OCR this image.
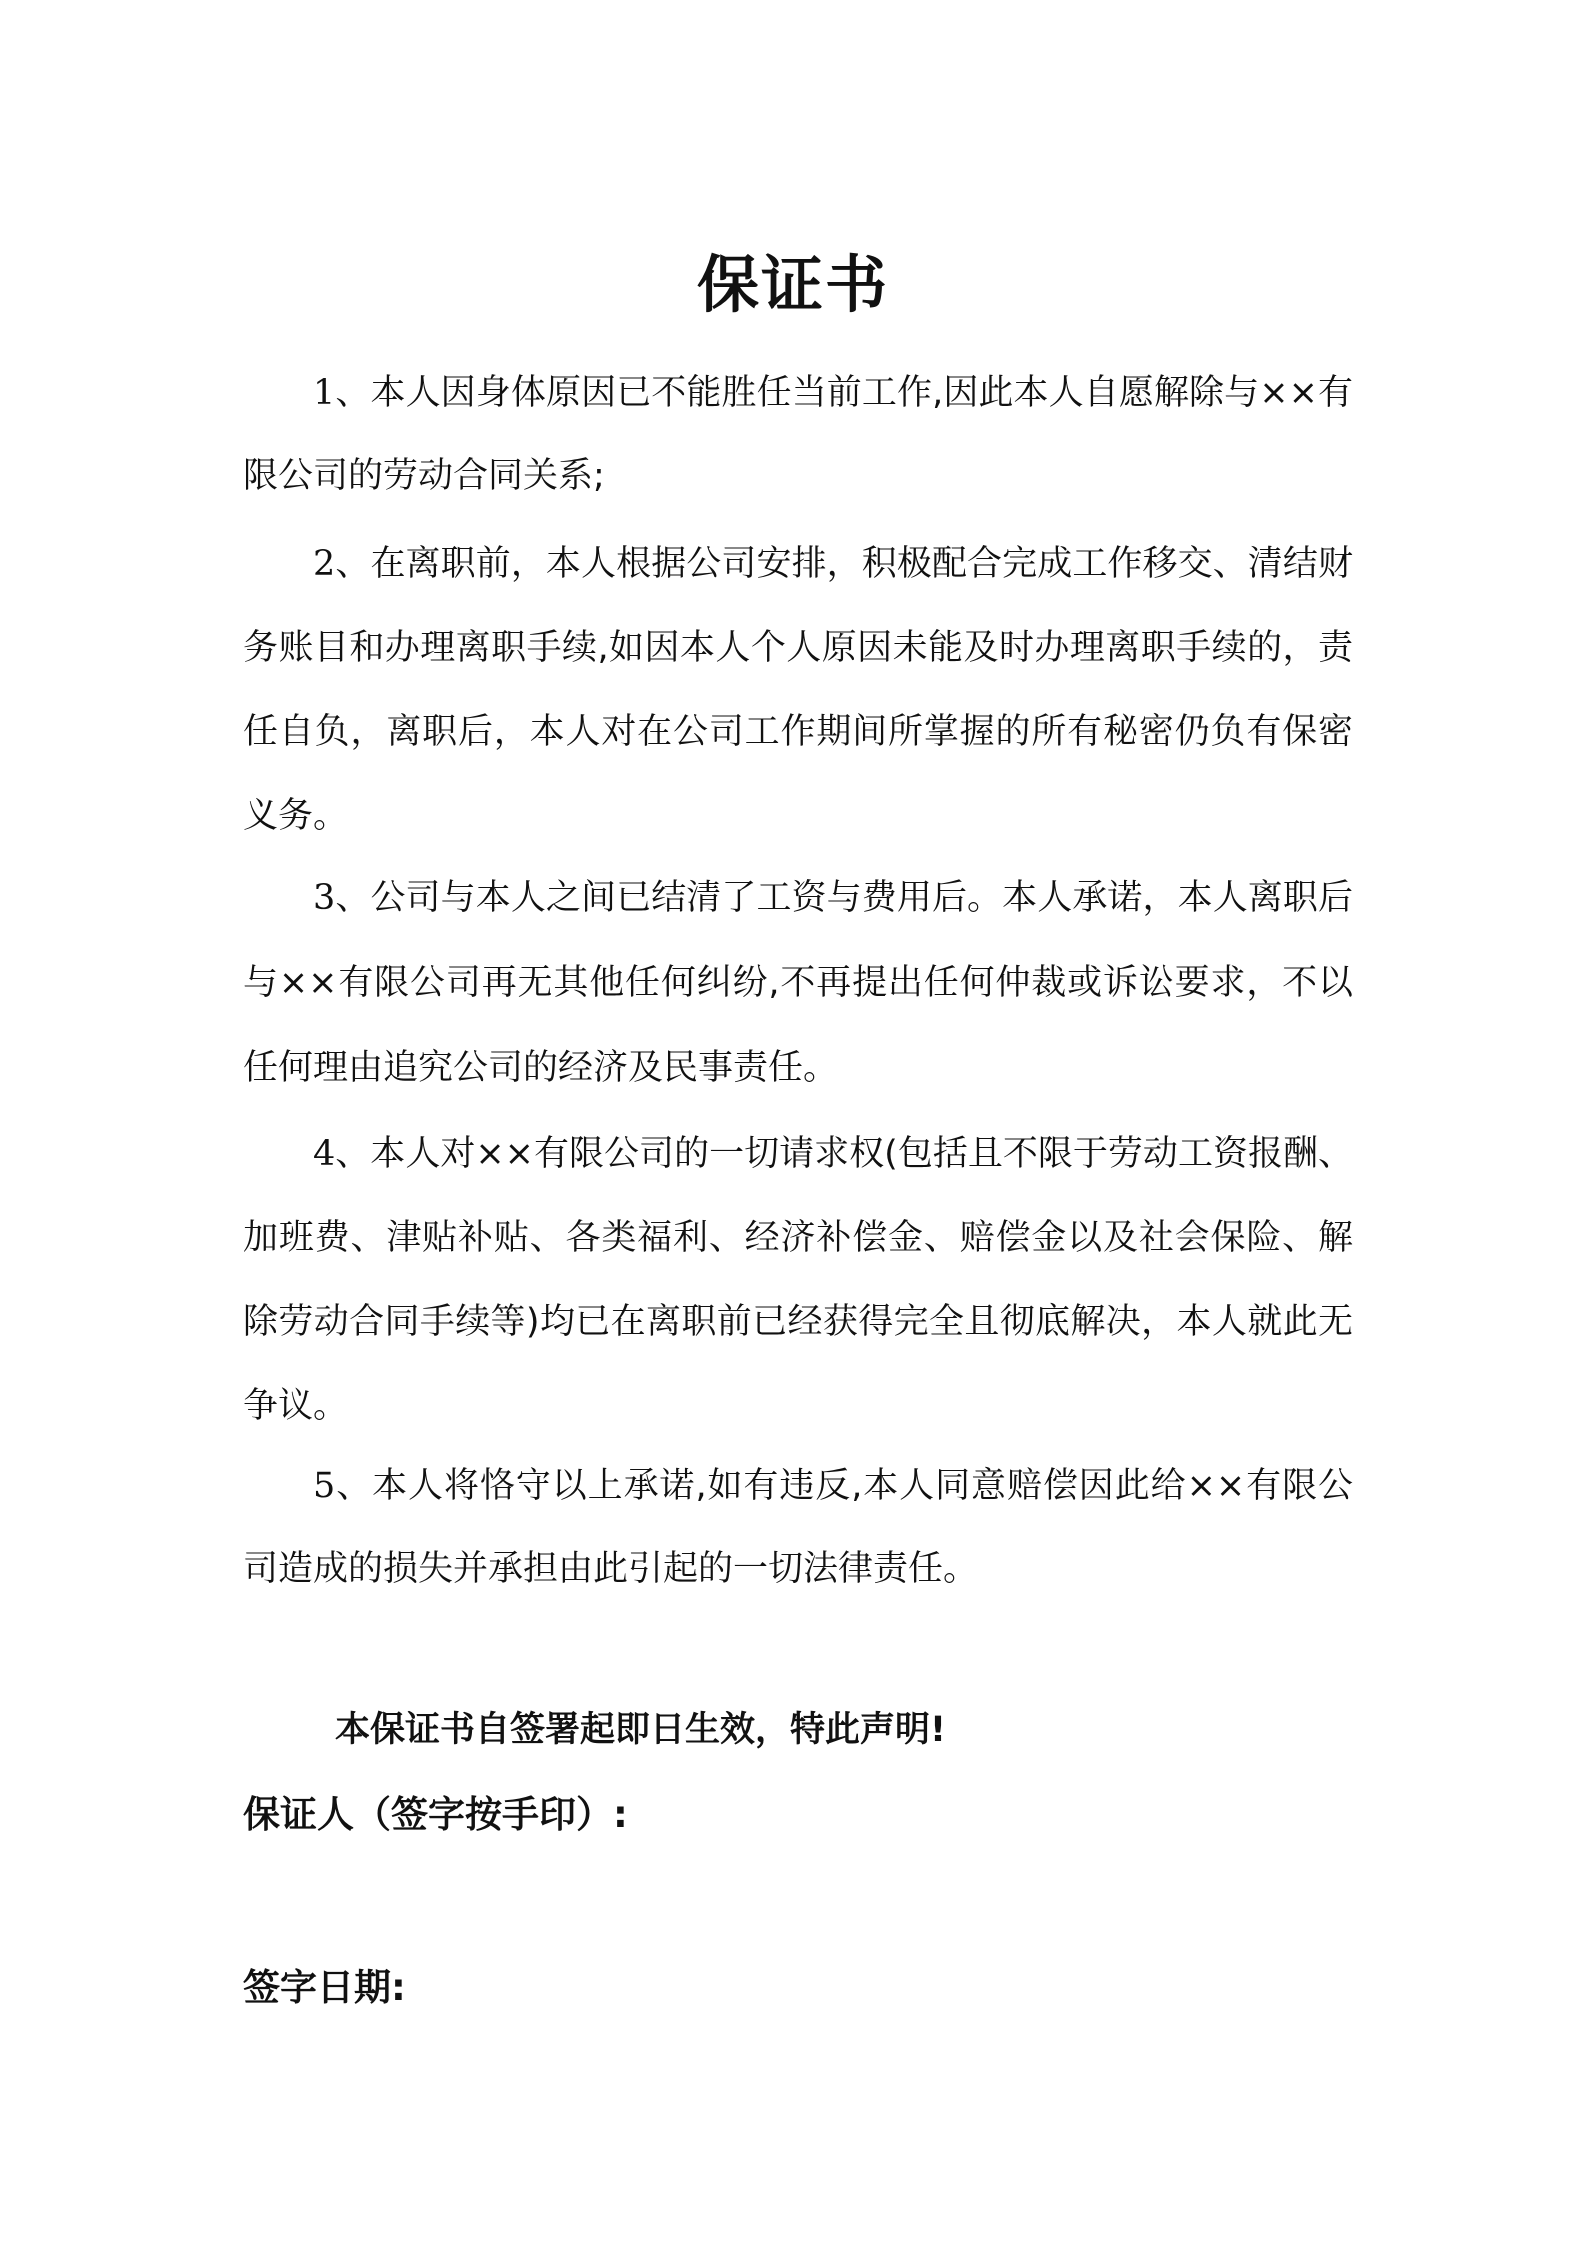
保证书
1、本人因身体原因已不能胜任当前工作,因此本人自愿解除与××有限公司的劳动合同关系;
2、在离职前，本人根据公司安排，积极配合完成工作移交、清结财务账目和办理离职手续,如因本人个人原因未能及时办理离职手续的，责任自负，离职后，本人对在公司工作期间所掌握的所有秘密仍负有保密义务。
3、公司与本人之间已结清了工资与费用后。本人承诺，本人离职后与××有限公司再无其他任何纠纷,不再提出任何仲裁或诉讼要求，不以任何理由追究公司的经济及民事责任。
4、本人对××有限公司的一切请求权(包括且不限于劳动工资报酬、加班费、津贴补贴、各类福利、经济补偿金、赔偿金以及社会保险、解除劳动合同手续等)均已在离职前已经获得完全且彻底解决，本人就此无争议。
5、本人将恪守以上承诺,如有违反,本人同意赔偿因此给××有限公司造成的损失并承担由此引起的一切法律责任。
本保证书自签署起即日生效，特此声明!
保证人（签字按手印）:
签字日期:
